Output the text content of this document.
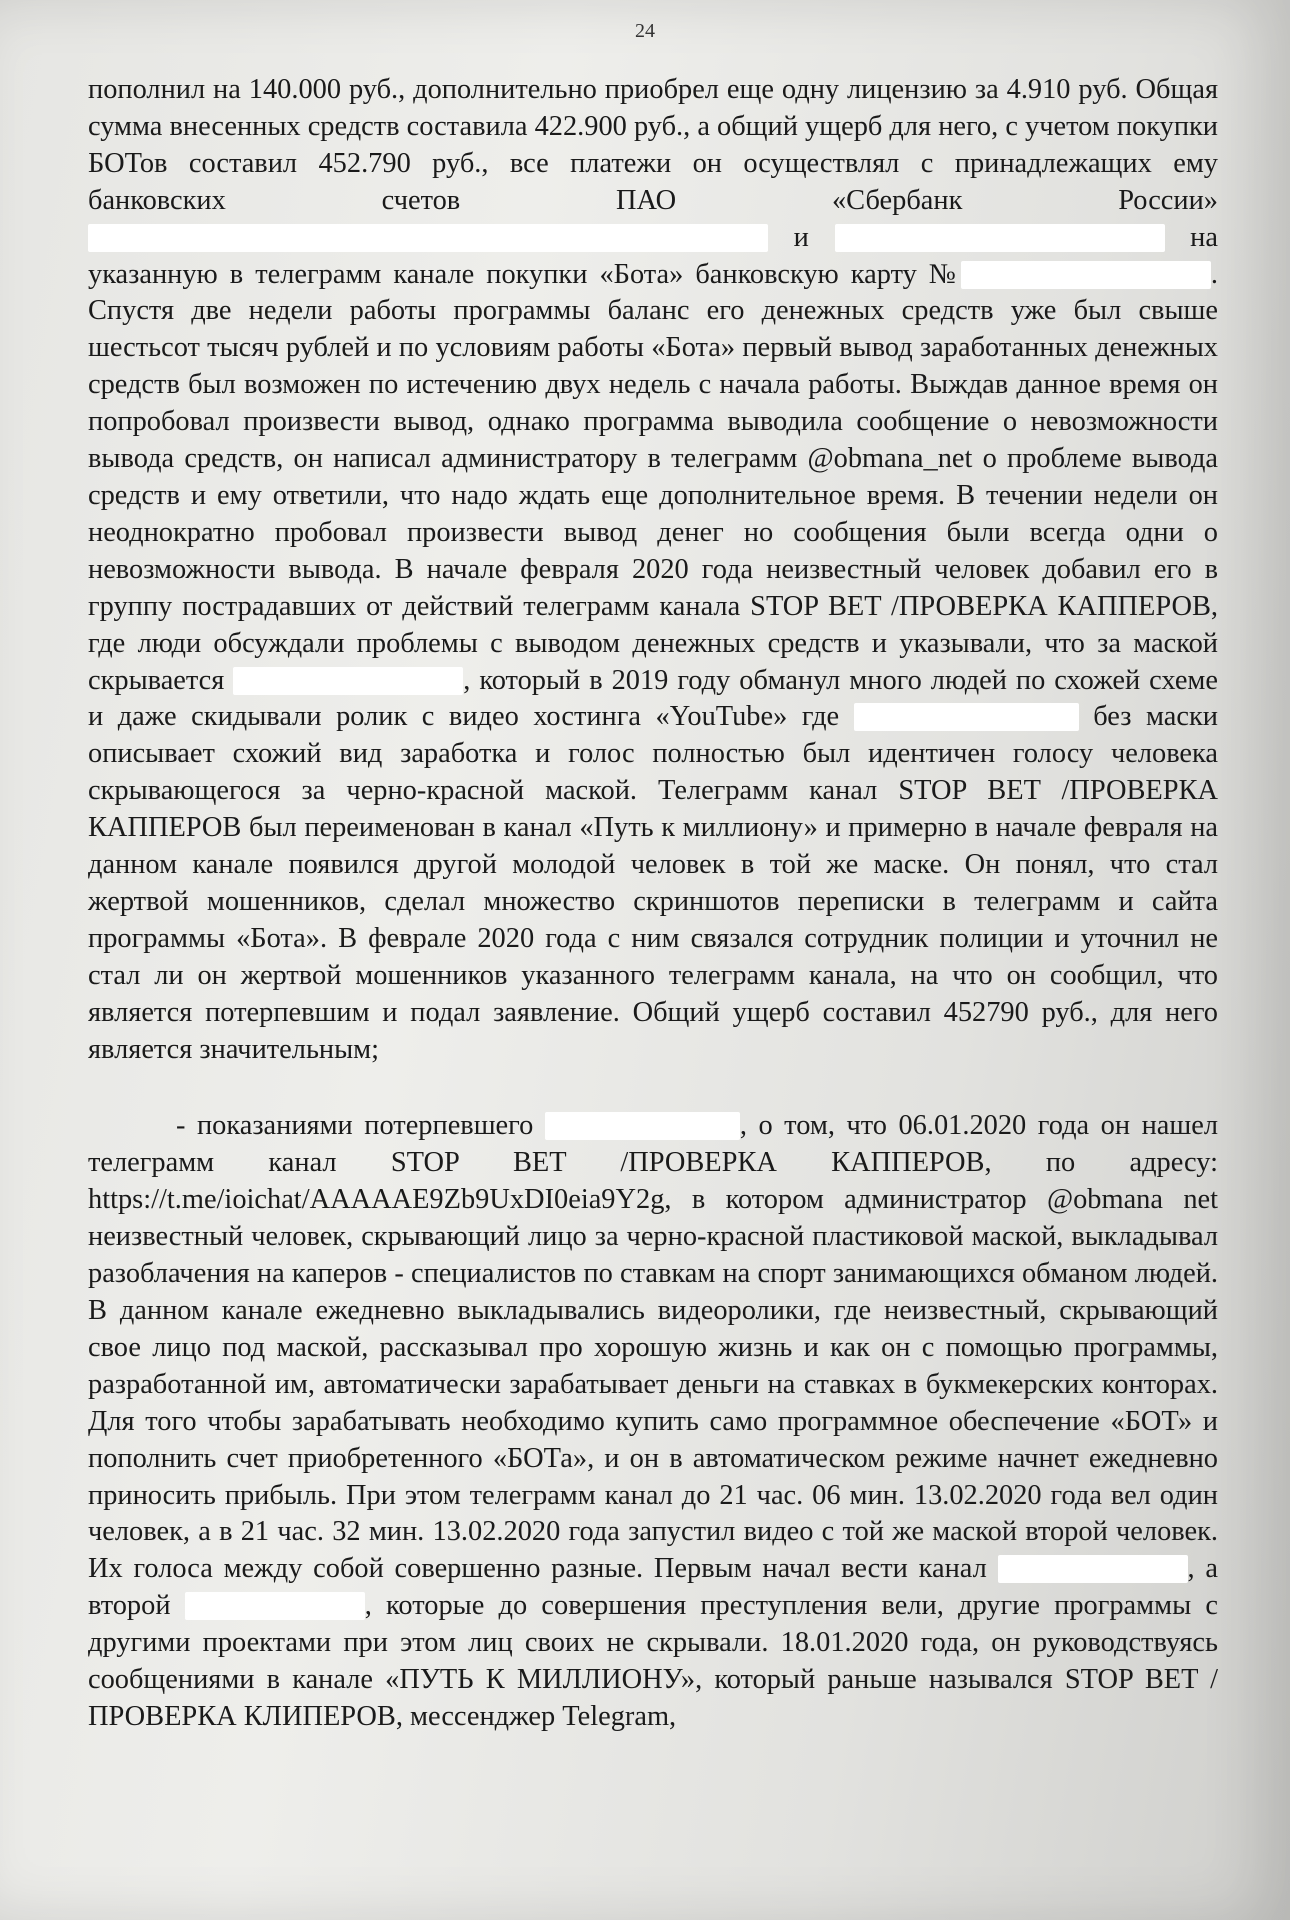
24

пополнил на 140.000 руб., дополнительно приобрел еще одну лицензию за 4.910 руб. Общая сумма внесенных средств составила 422.900 руб., а общий ущерб для него, с учетом покупки БОТов составил 452.790 руб., все платежи он осуществлял с принадлежащих ему банковских счетов ПАО «Сбербанк России»  и	на указанную в телеграмм канале покупки «Бота» банковскую карту №	. Спустя две недели работы программы баланс его денежных средств уже был свыше шестьсот тысяч рублей и по условиям работы «Бота» первый вывод заработанных денежных средств был возможен по истечению двух недель с начала работы. Выждав данное время он попробовал произвести вывод, однако программа выводила сообщение о невозможности вывода средств, он написал администратору в телеграмм @obmana_net о проблеме вывода средств и ему ответили, что надо ждать еще дополнительное время. В течении недели он неоднократно пробовал произвести вывод денег но сообщения были всегда одни о невозможности вывода. В начале февраля 2020 года неизвестный человек добавил его в группу пострадавших от действий телеграмм канала STOP BET /ПРОВЕРКА КАППЕРОВ, где люди обсуждали проблемы с выводом денежных средств и указывали, что за маской скрывается	, который в 2019 году обманул много людей по схожей схеме и даже скидывали ролик с видео хостинга «YouTube» где	без маски описывает схожий вид заработка и голос полностью был идентичен голосу человека скрывающегося за черно-красной маской. Телеграмм канал STOP BET /ПРОВЕРКА КАППЕРОВ был переименован в канал «Путь к миллиону» и примерно в начале февраля на данном канале появился другой молодой человек в той же маске. Он понял, что стал жертвой мошенников, сделал множество скриншотов переписки в телеграмм и сайта программы «Бота». В феврале 2020 года с ним связался сотрудник полиции и уточнил не стал ли он жертвой мошенников указанного телеграмм канала, на что он сообщил, что является потерпевшим и подал заявление. Общий ущерб составил 452790 руб., для него является значительным;

- показаниями потерпевшего	, о том, что 06.01.2020 года он нашел телеграмм канал STOP BET /ПРОВЕРКА КАППЕРОВ, по адресу: https://t.me/ioichat/AAAAAE9Zb9UxDI0eia9Y2g, в котором администратор @obmana net неизвестный человек, скрывающий лицо за черно-красной пластиковой маской, выкладывал разоблачения на каперов - специалистов по ставкам на спорт занимающихся обманом людей. В данном канале ежедневно выкладывались видеоролики, где неизвестный, скрывающий свое лицо под маской, рассказывал про хорошую жизнь и как он с помощью программы, разработанной им, автоматически зарабатывает деньги на ставках в букмекерских конторах. Для того чтобы зарабатывать необходимо купить само программное обеспечение «БОТ» и пополнить счет приобретенного «БОТа», и он в автоматическом режиме начнет ежедневно приносить прибыль. При этом телеграмм канал до 21 час. 06 мин. 13.02.2020 года вел один человек, а в 21 час. 32 мин. 13.02.2020 года запустил видео с той же маской второй человек. Их голоса между собой совершенно разные. Первым начал вести канал	, а второй	, которые до совершения преступления вели, другие программы с другими проектами при этом лиц своих не скрывали. 18.01.2020 года, он руководствуясь сообщениями в канале «ПУТЬ К МИЛЛИОНУ», который раньше назывался STOP BET / ПРОВЕРКА КЛИПЕРОВ, мессенджер Telegram,
